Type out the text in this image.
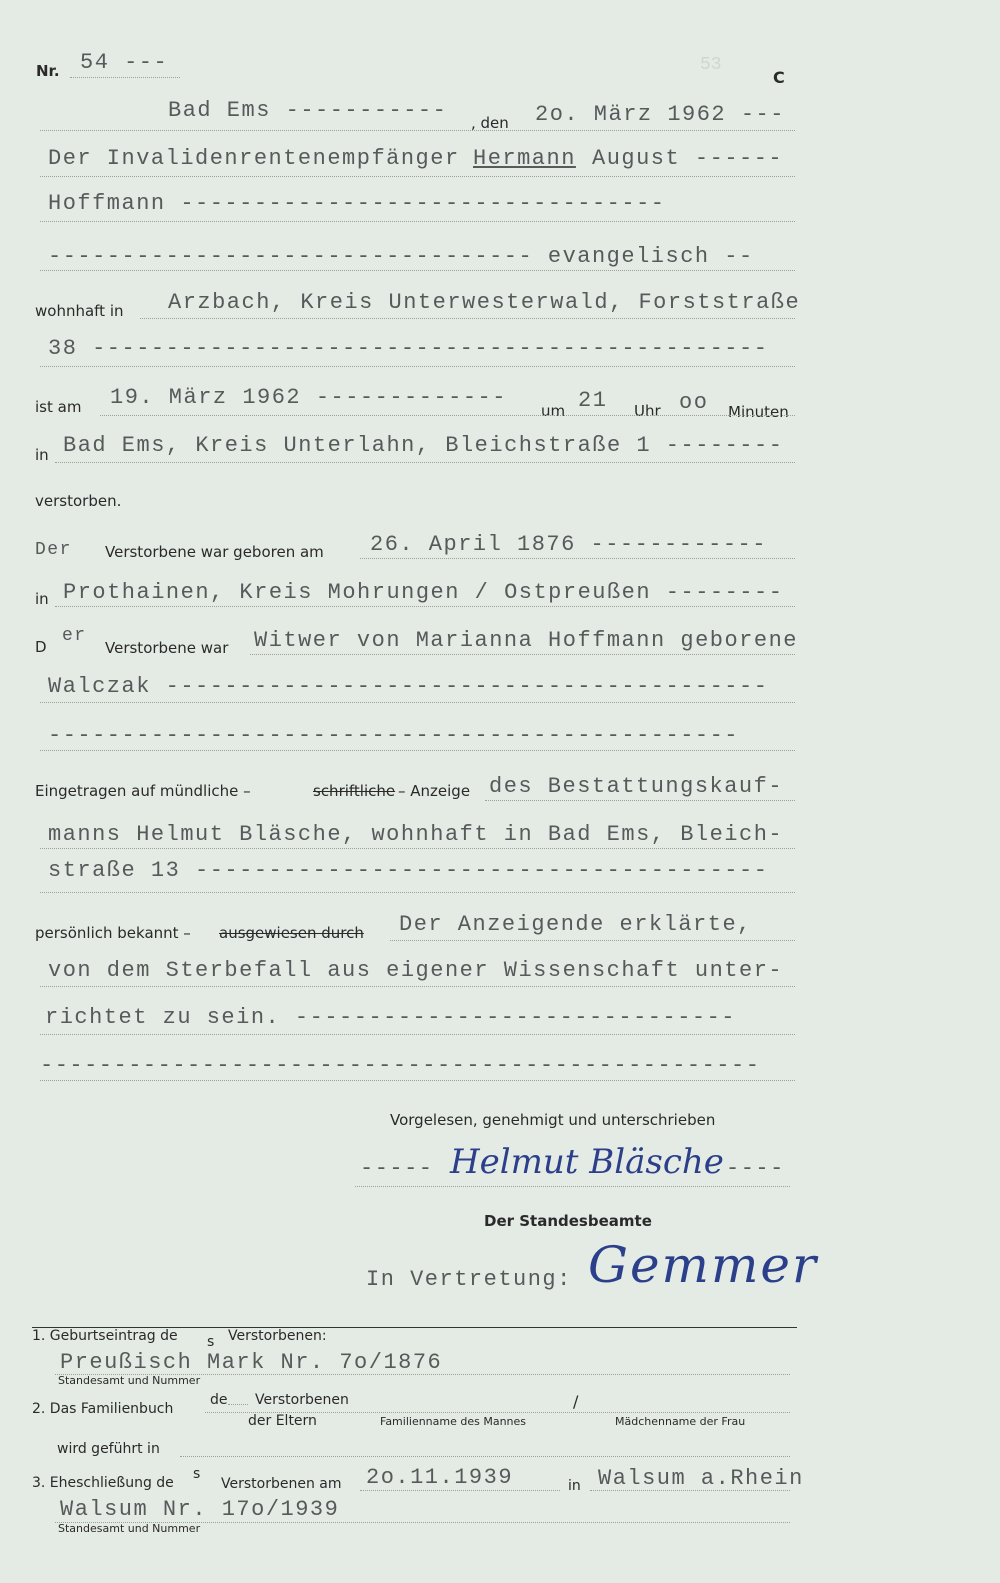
53
Nr. 54 ---
C
Bad Ems ----------- , den 2o. März 1962 ---
Der Invalidenrentenempfänger Hermann August ------
Hoffmann ---------------------------------
--------------------------------- evangelisch --
wohnhaft in Arzbach, Kreis Unterwesterwald, Forststraße
38 ----------------------------------------------
ist am 19. März 1962 -------------
um 21 Uhr oo Minuten
in Bad Ems, Kreis Unterlahn, Bleichstraße 1 --------
verstorben.
Der Verstorbene war geboren am 26. April 1876 ------------
in Prothainen, Kreis Mohrungen / Ostpreußen --------
D
er
Verstorbene war Witwer von Marianna Hoffmann geborene
Walczak -----------------------------------------
-----------------------------------------------
Eingetragen auf mündliche –	schriftliche – Anzeige des Bestattungskauf-
manns Helmut Bläsche, wohnhaft in Bad Ems, Bleich-
straße 13 ---------------------------------------
persönlich bekannt – ausgewiesen durch Der Anzeigende erklärte,
von dem Sterbefall aus eigener Wissenschaft unter-
richtet zu sein. ------------------------------
-------------------------------------------------
Vorgelesen, genehmigt und unterschrieben
----- Helmut Bläsche ----
Der Standesbeamte
In Vertretung: Gemmer
1. Geburtseintrag de s Verstorbenen:
Preußisch Mark Nr. 7o/1876
Standesamt und Nummer
2. Das Familienbuch
de Verstorbenen
der Eltern	Familienname des Mannes
/
Mädchenname der Frau
wird geführt in
3. Eheschließung de
s
Verstorbenen am 2o.11.1939	in Walsum a.Rhein
Walsum Nr. 17o/1939
Standesamt und Nummer
